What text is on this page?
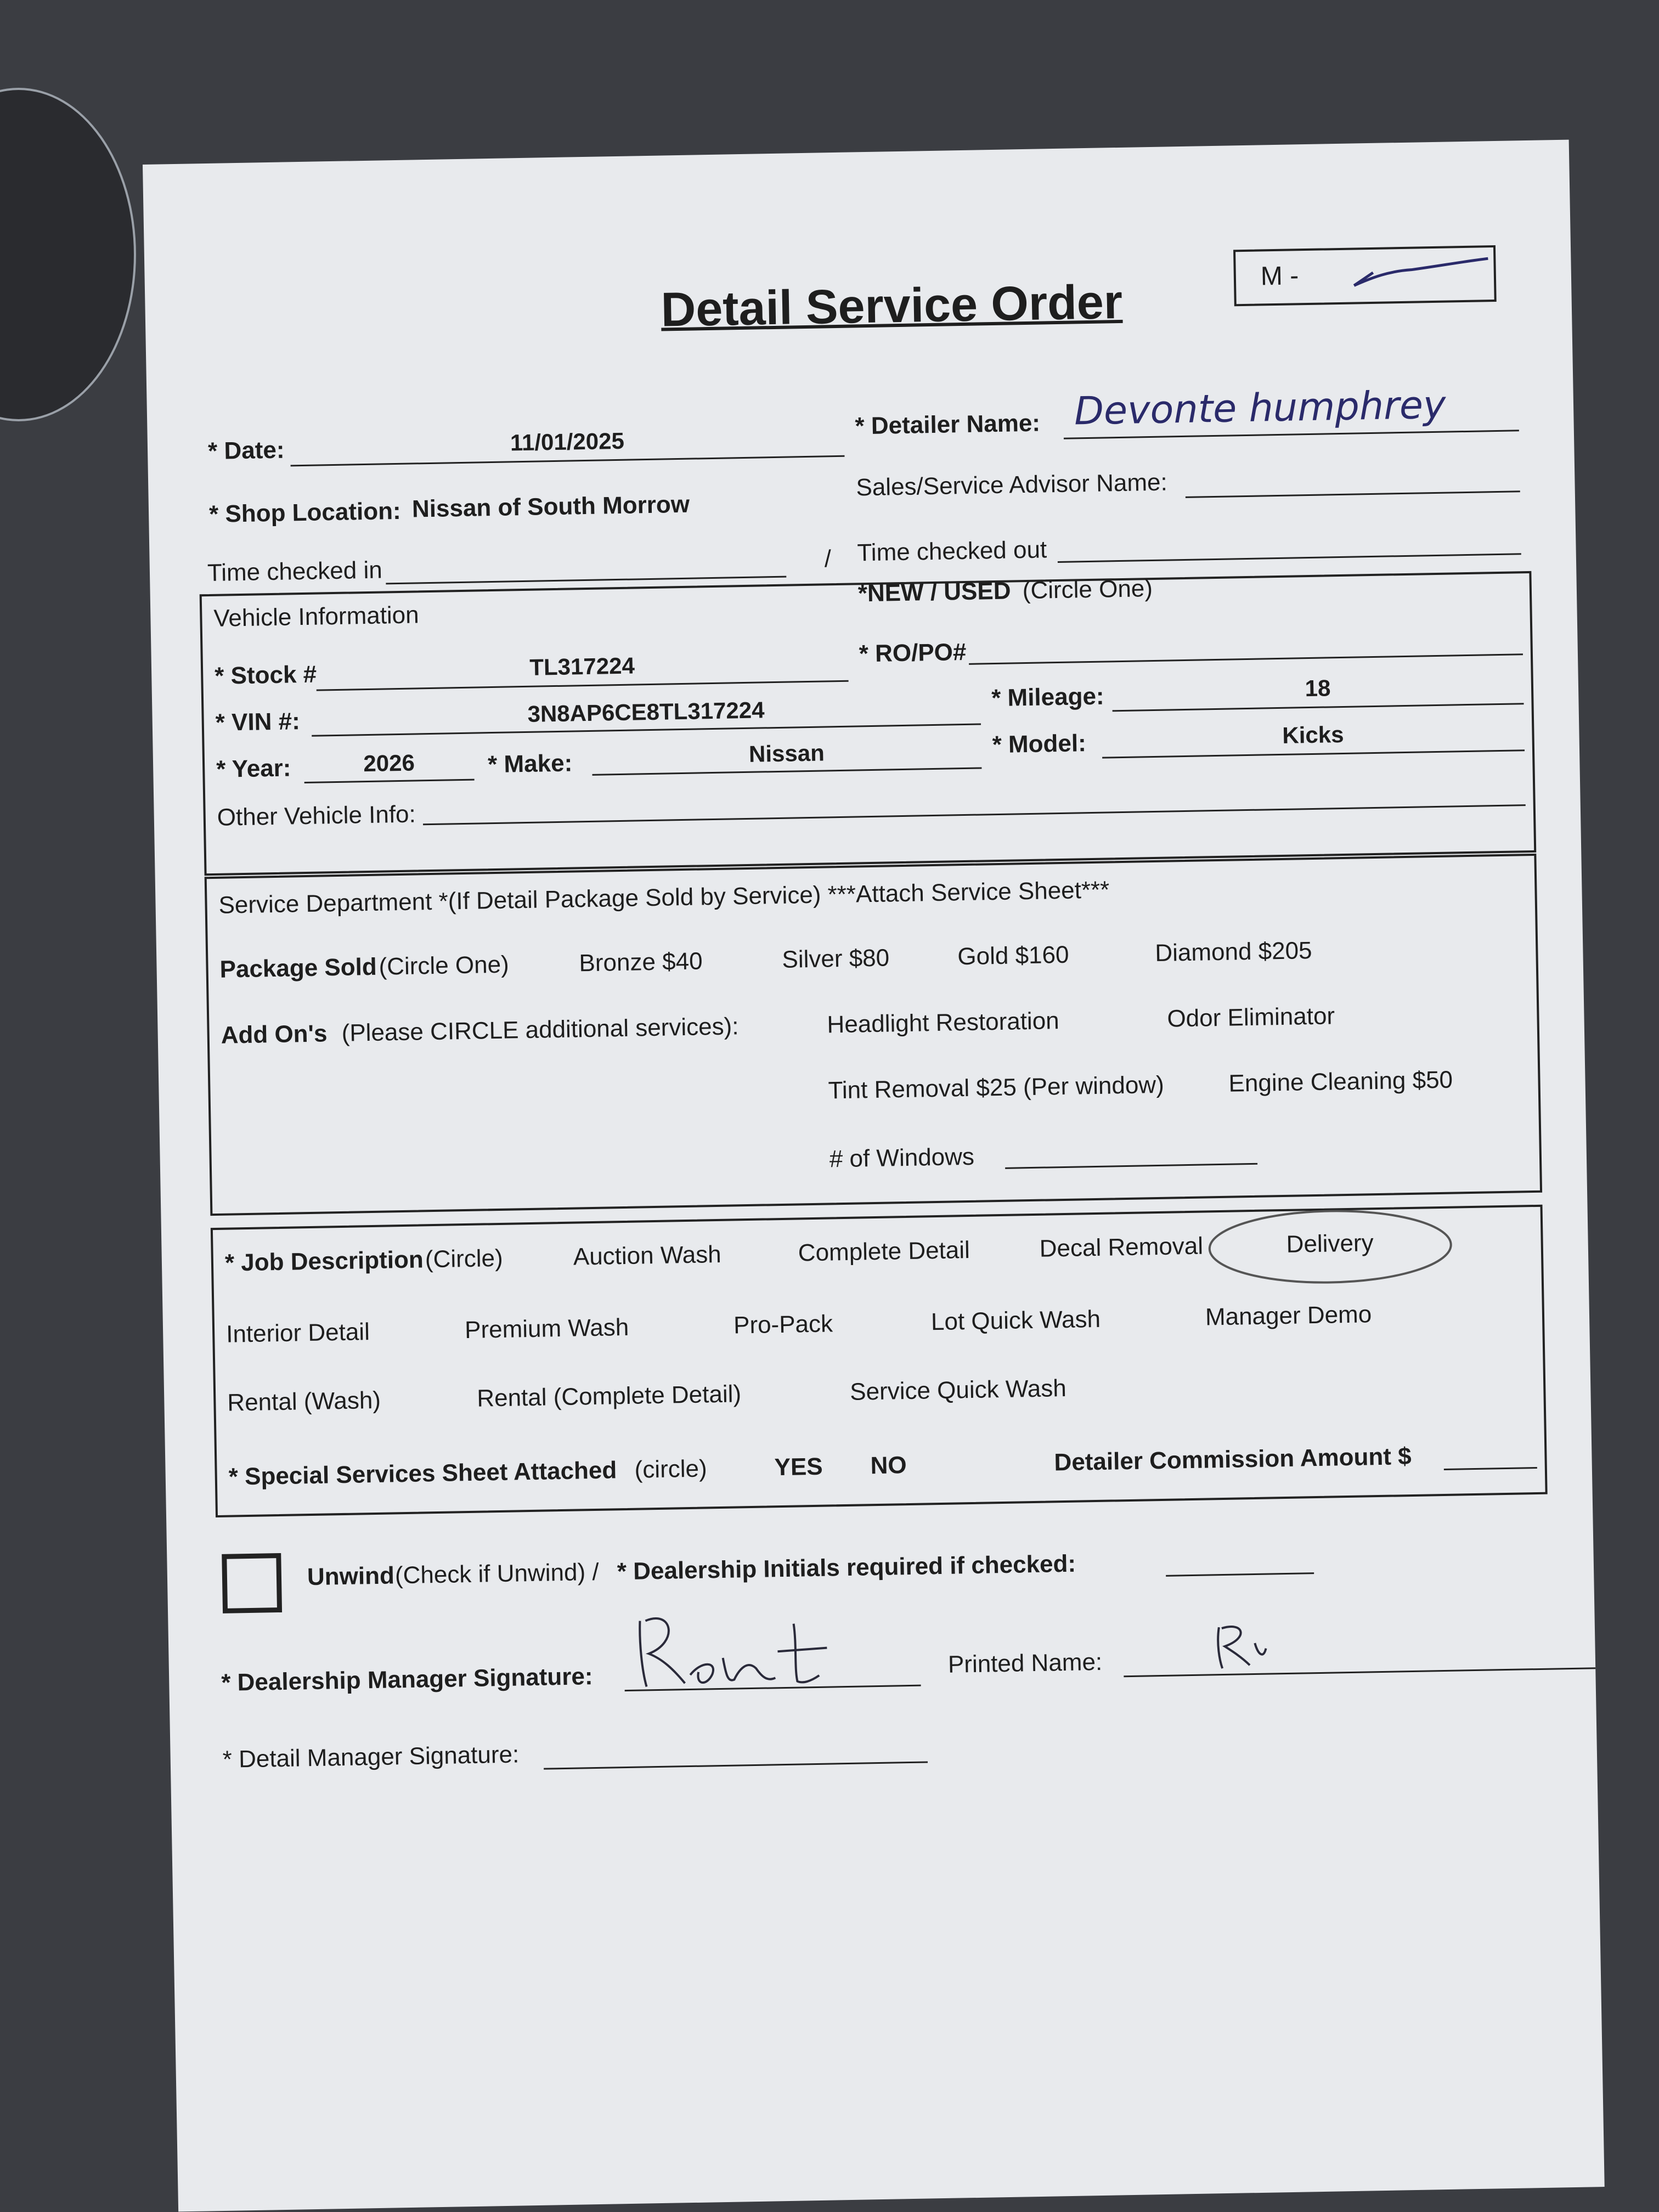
Detail Service Order	M -
* Date:	11/01/2025
* Detailer Name: Devonte humphrey
* Shop Location: Nissan of South Morrow
Sales/Service Advisor Name:
Time checked in	/ Time checked out
Vehicle Information
*NEW / USED (Circle One)
* Stock #	TL317224	* RO/PO#
* VIN #:	3N8AP6CE8TL317224	* Mileage:	18
* Year:	2026	* Make:	Nissan	* Model:	Kicks
Other Vehicle Info:
Service Department *(If Detail Package Sold by Service) ***Attach Service Sheet***
Package Sold (Circle One)	Bronze $40	Silver $80	Gold $160	Diamond $205
Add On's (Please CIRCLE additional services):	Headlight Restoration	Odor Eliminator
Tint Removal $25 (Per window)	Engine Cleaning $50
# of Windows
* Job Description (Circle)	Auction Wash	Complete Detail	Decal Removal	Delivery
Interior Detail	Premium Wash	Pro-Pack	Lot Quick Wash	Manager Demo
Rental (Wash)	Rental (Complete Detail)	Service Quick Wash
* Special Services Sheet Attached (circle)	YES NO	Detailer Commission Amount $
Unwind (Check if Unwind) / * Dealership Initials required if checked:
* Dealership Manager Signature:	Printed Name:
* Detail Manager Signature:
